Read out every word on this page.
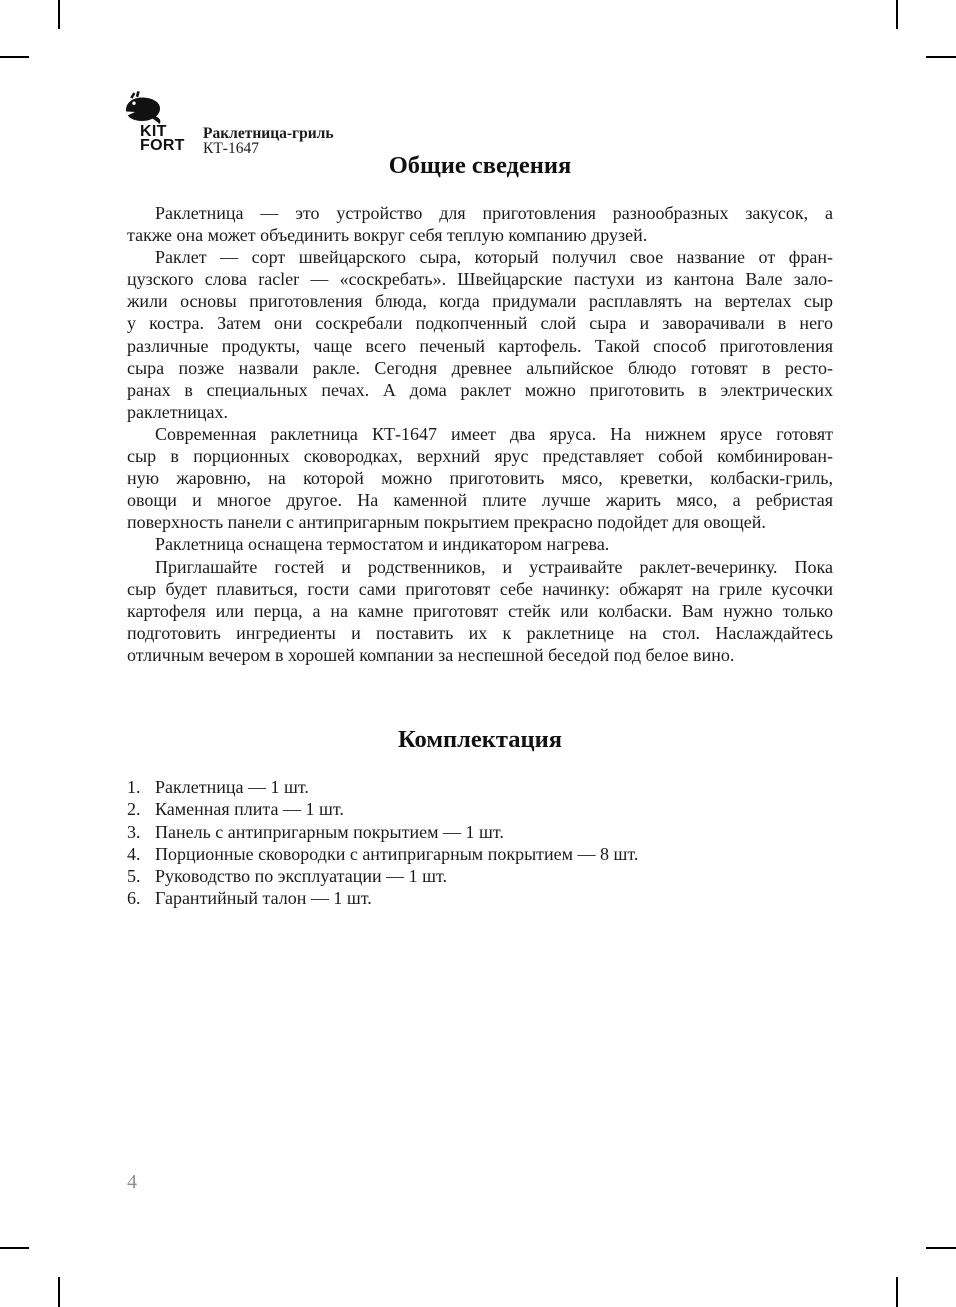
KIT
FORT
Раклетница-гриль
КТ-1647
Общие сведения
Раклетница — это устройство для приготовления разнообразных закусок, а
также она может объединить вокруг себя теплую компанию друзей.
Раклет — сорт швейцарского сыра, который получил свое название от фран-
цузского слова racler — «соскребать». Швейцарские пастухи из кантона Вале зало-
жили основы приготовления блюда, когда придумали расплавлять на вертелах сыр
у костра. Затем они соскребали подкопченный слой сыра и заворачивали в него
различные продукты, чаще всего печеный картофель. Такой способ приготовления
сыра позже назвали ракле. Сегодня древнее альпийское блюдо готовят в ресто-
ранах в специальных печах. А дома раклет можно приготовить в электрических
раклетницах.
Современная раклетница КТ-1647 имеет два яруса. На нижнем ярусе готовят
сыр в порционных сковородках, верхний ярус представляет собой комбинирован-
ную жаровню, на которой можно приготовить мясо, креветки, колбаски-гриль,
овощи и многое другое. На каменной плите лучше жарить мясо, а ребристая
поверхность панели с антипригарным покрытием прекрасно подойдет для овощей.
Раклетница оснащена термостатом и индикатором нагрева.
Приглашайте гостей и родственников, и устраивайте раклет-вечеринку. Пока
сыр будет плавиться, гости сами приготовят себе начинку: обжарят на гриле кусочки
картофеля или перца, а на камне приготовят стейк или колбаски. Вам нужно только
подготовить ингредиенты и поставить их к раклетнице на стол. Наслаждайтесь
отличным вечером в хорошей компании за неспешной беседой под белое вино.
Комплектация
1. Раклетница — 1 шт.
2. Каменная плита — 1 шт.
3. Панель с антипригарным покрытием — 1 шт.
4. Порционные сковородки с антипригарным покрытием — 8 шт.
5. Руководство по эксплуатации — 1 шт.
6. Гарантийный талон — 1 шт.
4
